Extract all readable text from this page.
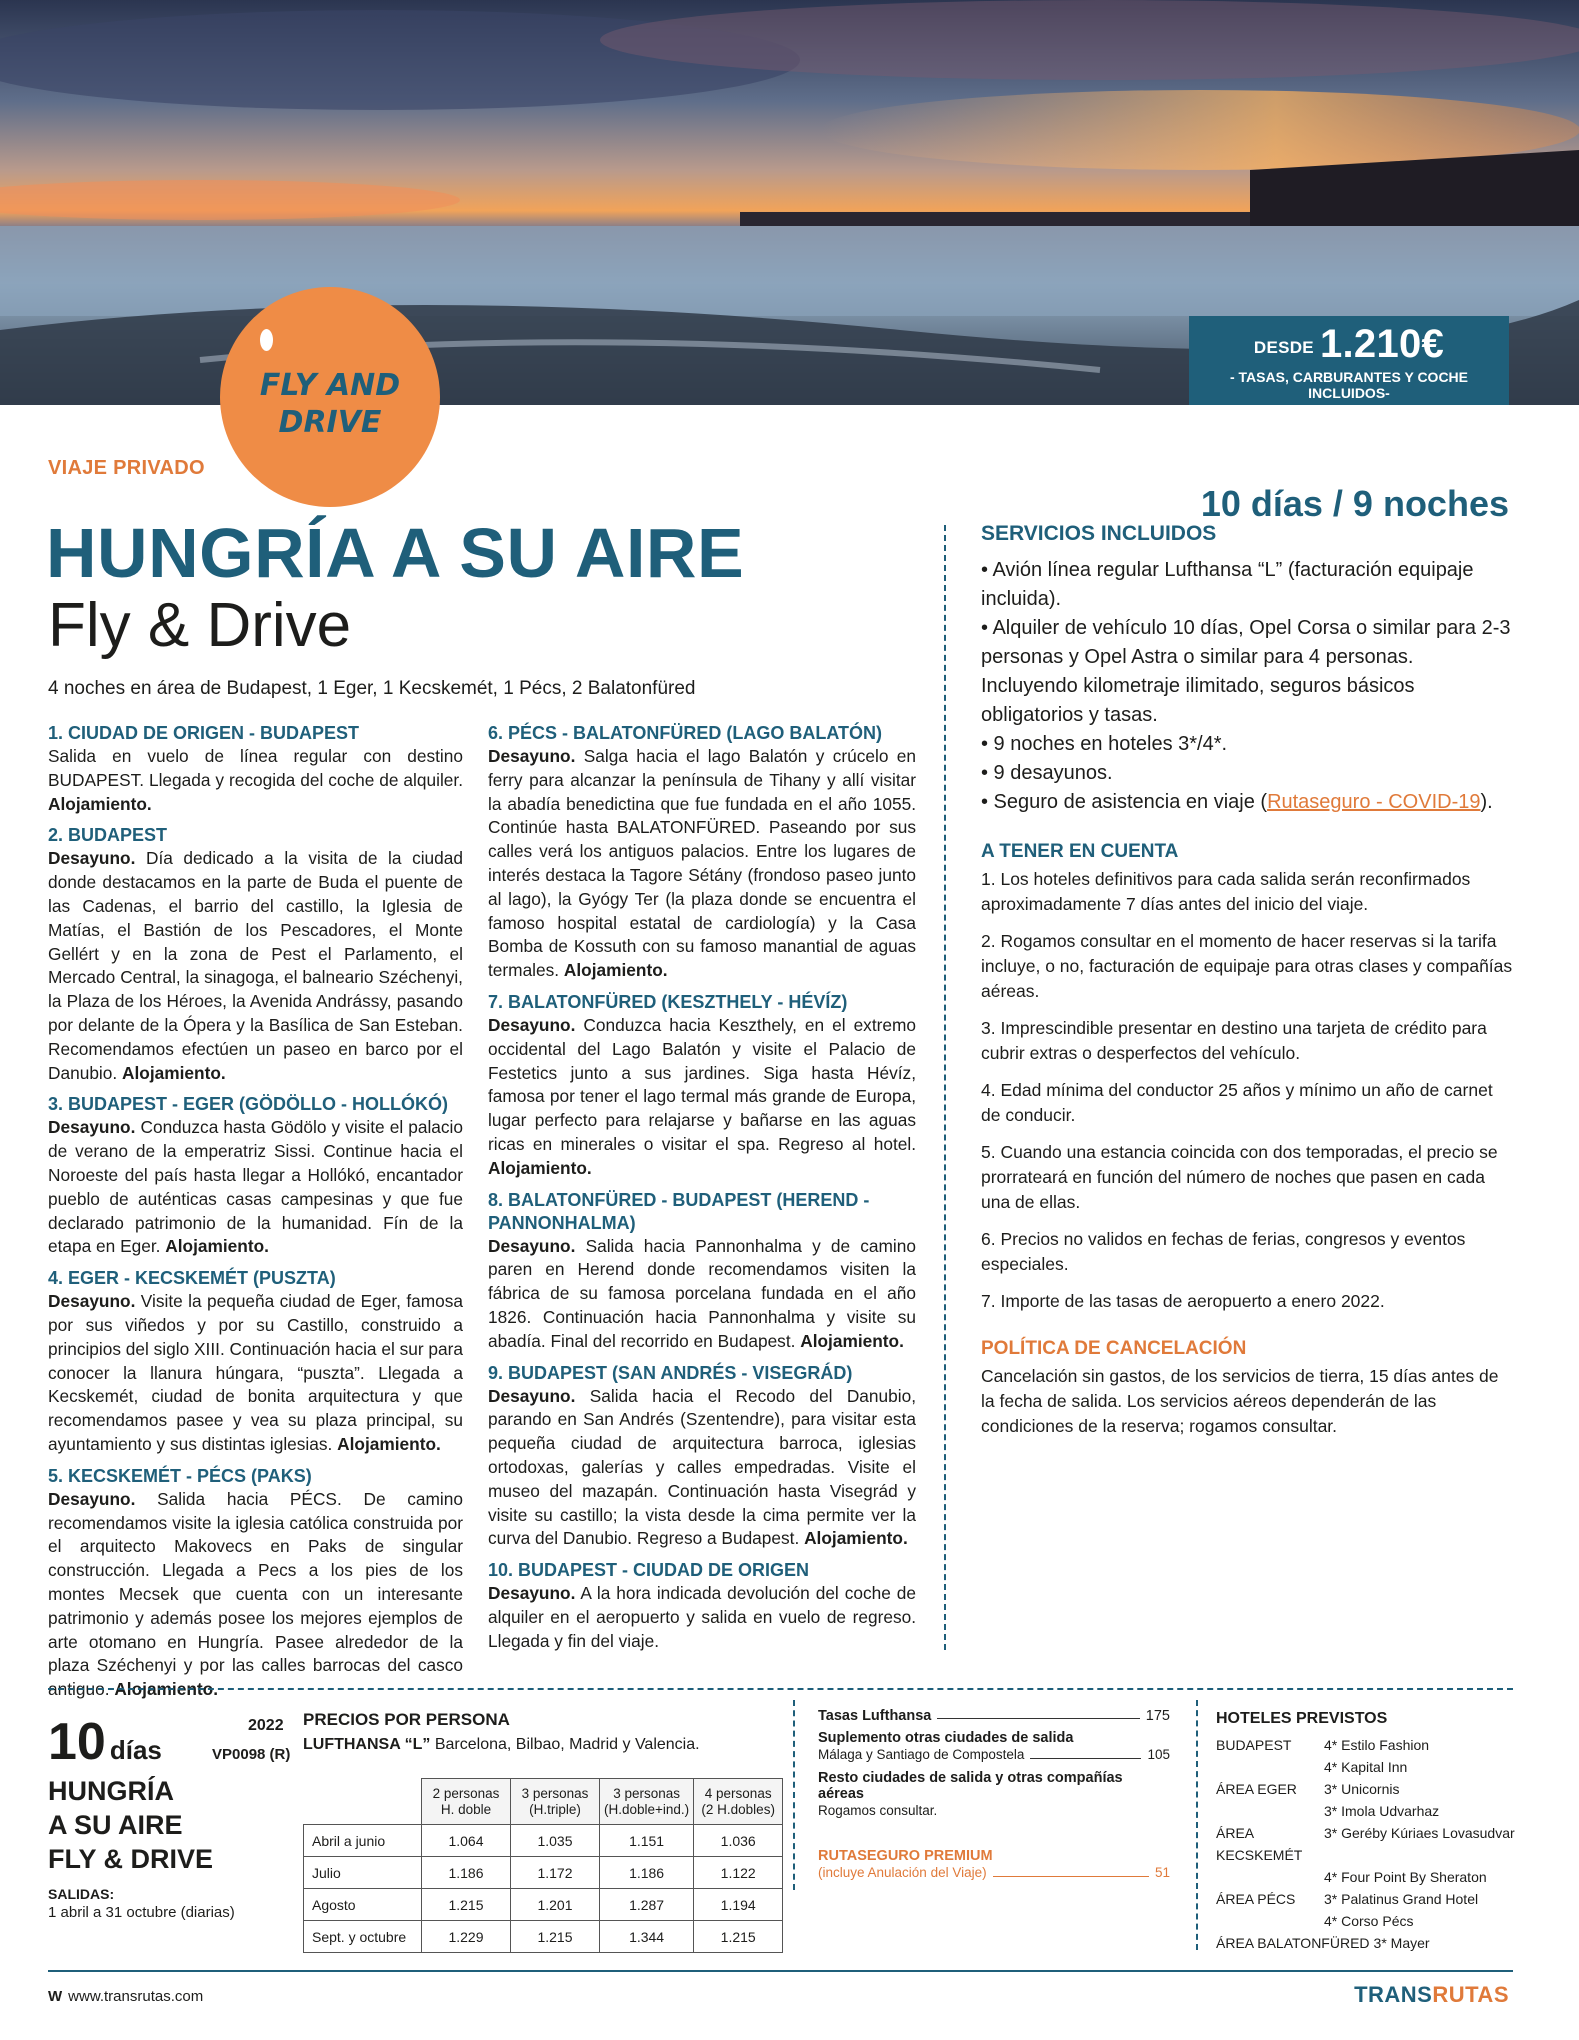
DESDE 1.210€
- TASAS, CARBURANTES Y COCHE INCLUIDOS-
FLY AND
DRIVE
VIAJE PRIVADO
HUNGRÍA A SU AIRE
Fly & Drive
10 días / 9 noches
4 noches en área de Budapest, 1 Eger, 1 Kecskemét, 1 Pécs, 2 Balatonfüred
1. CIUDAD DE ORIGEN - BUDAPEST

Salida en vuelo de línea regular con destino BUDAPEST. Llegada y recogida del coche de alquiler. Alojamiento.

2. BUDAPEST

Desayuno. Día dedicado a la visita de la ciudad donde destacamos en la parte de Buda el puente de las Cadenas, el barrio del castillo, la Iglesia de Matías, el Bastión de los Pescadores, el Monte Gellért y en la zona de Pest el Parlamento, el Mercado Central, la sinagoga, el balneario Széchenyi, la Plaza de los Héroes, la Avenida Andrássy, pasando por delante de la Ópera y la Basílica de San Esteban. Recomendamos efectúen un paseo en barco por el Danubio. Alojamiento.

3. BUDAPEST - EGER (GÖDÖLLO - HOLLÓKÓ)

Desayuno. Conduzca hasta Gödölo y visite el palacio de verano de la emperatriz Sissi. Continue hacia el Noroeste del país hasta llegar a Hollókó, encantador pueblo de auténticas casas campesinas y que fue declarado patrimonio de la humanidad. Fín de la etapa en Eger. Alojamiento.

4. EGER - KECSKEMÉT (PUSZTA)

Desayuno. Visite la pequeña ciudad de Eger, famosa por sus viñedos y por su Castillo, construido a principios del siglo XIII. Continuación hacia el sur para conocer la llanura húngara, “puszta”. Llegada a Kecskemét, ciudad de bonita arquitectura y que recomendamos pasee y vea su plaza principal, su ayuntamiento y sus distintas iglesias. Alojamiento.

5. KECSKEMÉT - PÉCS (PAKS)

Desayuno. Salida hacia PÉCS. De camino recomendamos visite la iglesia católica construida por el arquitecto Makovecs en Paks de singular construcción. Llegada a Pecs a los pies de los montes Mecsek que cuenta con un interesante patrimonio y además posee los mejores ejemplos de arte otomano en Hungría. Pasee alrededor de la plaza Széchenyi y por las calles barrocas del casco antiguo. Alojamiento.

6. PÉCS - BALATONFÜRED (LAGO BALATÓN)

Desayuno. Salga hacia el lago Balatón y crúcelo en ferry para alcanzar la península de Tihany y allí visitar la abadía benedictina que fue fundada en el año 1055. Continúe hasta BALATONFÜRED. Paseando por sus calles verá los antiguos palacios. Entre los lugares de interés destaca la Tagore Sétány (frondoso paseo junto al lago), la Gyógy Ter (la plaza donde se encuentra el famoso hospital estatal de cardiología) y la Casa Bomba de Kossuth con su famoso manantial de aguas termales. Alojamiento.

7. BALATONFÜRED (KESZTHELY - HÉVÍZ)

Desayuno. Conduzca hacia Keszthely, en el extremo occidental del Lago Balatón y visite el Palacio de Festetics junto a sus jardines. Siga hasta Hévíz, famosa por tener el lago termal más grande de Europa, lugar perfecto para relajarse y bañarse en las aguas ricas en minerales o visitar el spa. Regreso al hotel. Alojamiento.

8. BALATONFÜRED - BUDAPEST (HEREND - PANNONHALMA)

Desayuno. Salida hacia Pannonhalma y de camino paren en Herend donde recomendamos visiten la fábrica de su famosa porcelana fundada en el año 1826. Continuación hacia Pannonhalma y visite su abadía. Final del recorrido en Budapest. Alojamiento.

9. BUDAPEST (SAN ANDRÉS - VISEGRÁD)

Desayuno. Salida hacia el Recodo del Danubio, parando en San Andrés (Szentendre), para visitar esta pequeña ciudad de arquitectura barroca, iglesias ortodoxas, galerías y calles empedradas. Visite el museo del mazapán. Continuación hasta Visegrád y visite su castillo; la vista desde la cima permite ver la curva del Danubio. Regreso a Budapest. Alojamiento.

10. BUDAPEST - CIUDAD DE ORIGEN

Desayuno. A la hora indicada devolución del coche de alquiler en el aeropuerto y salida en vuelo de regreso. Llegada y fin del viaje.

SERVICIOS INCLUIDOS
• Avión línea regular Lufthansa “L” (facturación equipaje incluida).
• Alquiler de vehículo 10 días, Opel Corsa o similar para 2-3 personas y Opel Astra o similar para 4 personas. Incluyendo kilometraje ilimitado, seguros básicos obligatorios y tasas.
• 9 noches en hoteles 3*/4*.
• 9 desayunos.
• Seguro de asistencia en viaje (Rutaseguro - COVID-19).
A TENER EN CUENTA

1. Los hoteles definitivos para cada salida serán reconfirmados aproximadamente 7 días antes del inicio del viaje.

2. Rogamos consultar en el momento de hacer reservas si la tarifa incluye, o no, facturación de equipaje para otras clases y compañías aéreas.

3. Imprescindible presentar en destino una tarjeta de crédito para cubrir extras o desperfectos del vehículo.

4. Edad mínima del conductor 25 años y mínimo un año de carnet de conducir.

5. Cuando una estancia coincida con dos temporadas, el precio se prorrateará en función del número de noches que pasen en cada una de ellas.

6. Precios no validos en fechas de ferias, congresos y eventos especiales.

7. Importe de las tasas de aeropuerto a enero 2022.

POLÍTICA DE CANCELACIÓN
Cancelación sin gastos, de los servicios de tierra, 15 días antes de la fecha de salida. Los servicios aéreos dependerán de las condiciones de la reserva; rogamos consultar.
10 días
2022
VP0098 (R)
HUNGRÍA
A SU AIRE
FLY & DRIVE
SALIDAS:
1 abril a 31 octubre (diarias)
PRECIOS POR PERSONA
LUFTHANSA “L” Barcelona, Bilbao, Madrid y Valencia.
	2 personas
H. doble	3 personas
(H.triple)	3 personas
(H.doble+ind.)	4 personas
(2 H.dobles)
Abril a junio	1.064	1.035	1.151	1.036
Julio	1.186	1.172	1.186	1.122
Agosto	1.215	1.201	1.287	1.194
Sept. y octubre	1.229	1.215	1.344	1.215
Tasas Lufthansa	175
Suplemento otras ciudades de salida
Málaga y Santiago de Compostela	105
Resto ciudades de salida y otras compañías aéreas
Rogamos consultar.
RUTASEGURO PREMIUM
(incluye Anulación del Viaje)	51
HOTELES PREVISTOS
BUDAPEST	4* Estilo Fashion
4* Kapital Inn
ÁREA EGER	3* Unicornis
3* Imola Udvarhaz
ÁREA KECSKEMÉT
3* Geréby Kúriaes Lovasudvar
4* Four Point By Sheraton
ÁREA PÉCS	3* Palatinus Grand Hotel
4* Corso Pécs
ÁREA BALATONFÜRED 3* Mayer
W www.transrutas.com	TRANSRUTAS
